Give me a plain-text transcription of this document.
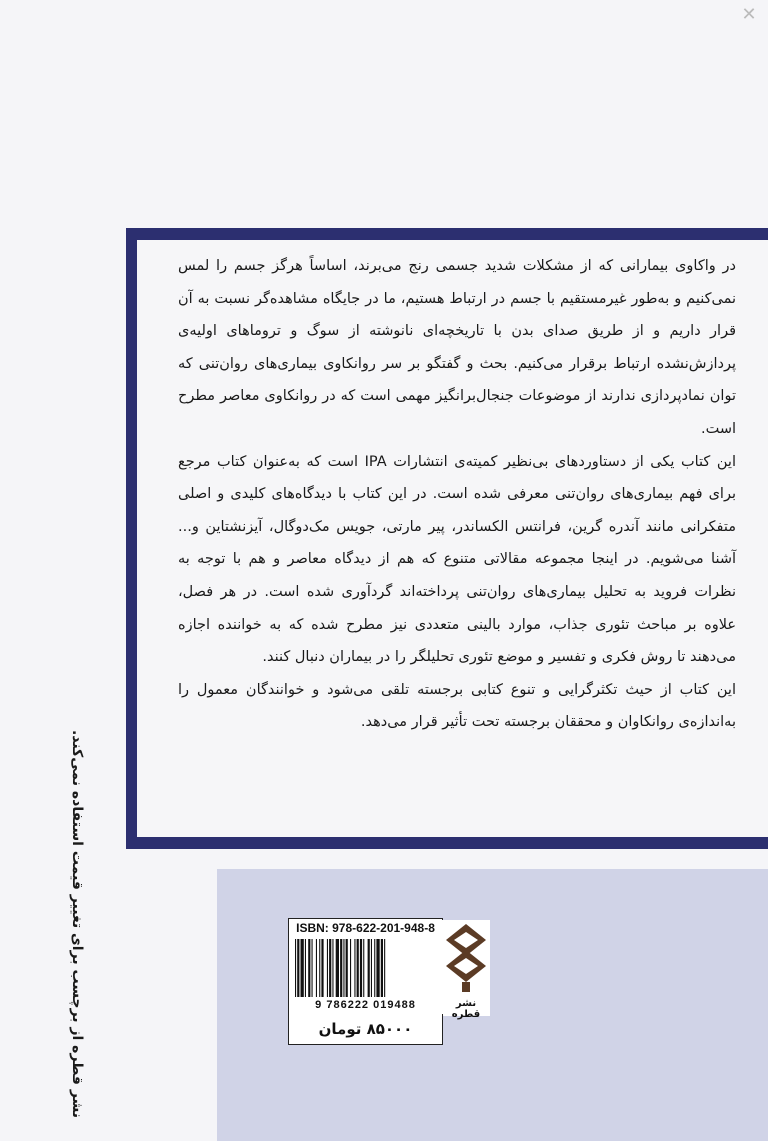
✕

در واکاوی بیمارانی که از مشکلات شدید جسمی رنج می‌برند، اساساً هرگز جسم را لمس نمی‌کنیم و به‌طور غیرمستقیم با جسم در ارتباط هستیم، ما در جایگاه مشاهده‌گر نسبت به آن قرار داریم و از طریق صدای بدن با تاریخچه‌ای نانوشته از سوگ و تروماهای اولیه‌ی پردازش‌نشده ارتباط برقرار می‌کنیم. بحث و گفتگو بر سر روانکاوی بیماری‌های روان‌تنی که توان نمادپردازی ندارند از موضوعات جنجال‌برانگیز مهمی است که در روانکاوی معاصر مطرح است.

این کتاب یکی از دستاوردهای بی‌نظیر کمیته‌ی انتشارات IPA است که به‌عنوان کتاب مرجع برای فهم بیماری‌های روان‌تنی معرفی شده است. در این کتاب با دیدگاه‌های کلیدی و اصلی متفکرانی مانند آندره گرین، فرانتس الکساندر، پیر مارتی، جویس مک‌دوگال، آیزنشتاین و... آشنا می‌شویم. در اینجا مجموعه مقالاتی متنوع که هم از دیدگاه معاصر و هم با توجه به نظرات فروید به تحلیل بیماری‌های روان‌تنی پرداخته‌اند گردآوری شده است. در هر فصل، علاوه بر مباحث تئوری جذاب، موارد بالینی متعددی نیز مطرح شده که به خواننده اجازه می‌دهند تا روش فکری و تفسیر و موضع تئوری تحلیلگر را در بیماران دنبال کنند.

این کتاب از حیث تکثرگرایی و تنوع کتابی برجسته تلقی می‌شود و خوانندگان معمول را به‌اندازه‌ی روانکاوان و محققان برجسته تحت تأثیر قرار می‌دهد.

ISBN: 978-622-201-948-8
9 786222 019488	نشر قطره
۸۵۰۰۰ تومان
نشر قطره از برچسب برای تغییر قیمت استفاده نمی‌کند.
